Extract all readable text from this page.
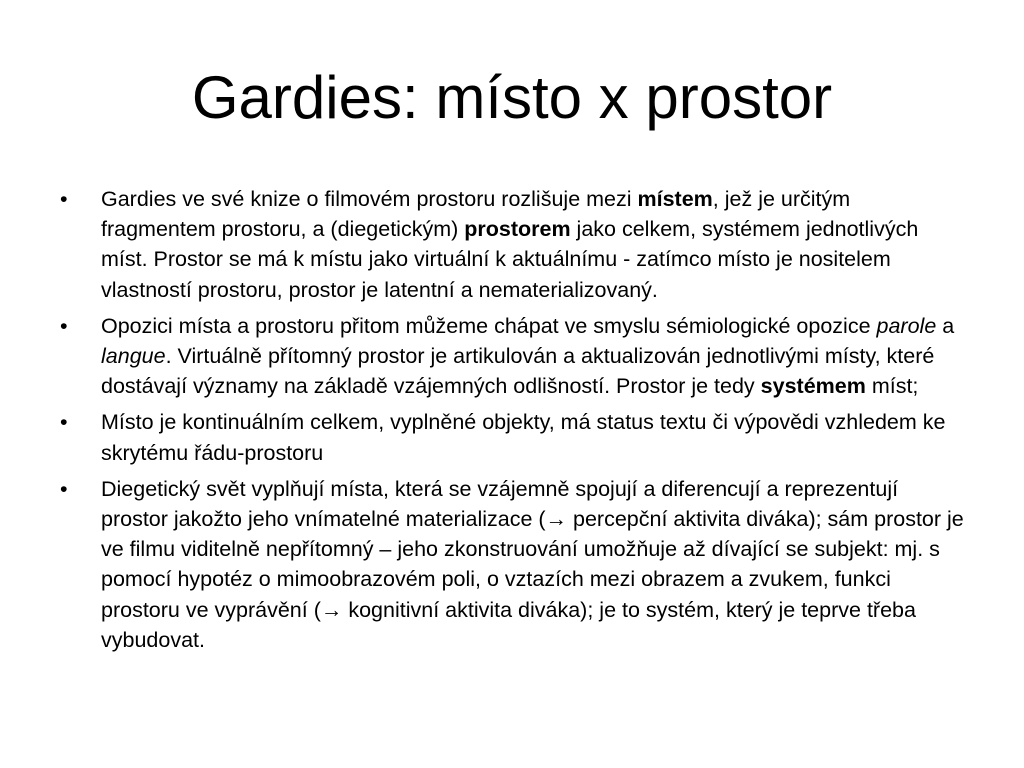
Gardies: místo x prostor
• Gardies ve své knize o filmovém prostoru rozlišuje mezi místem, jež je určitým fragmentem prostoru, a (diegetickým) prostorem jako celkem, systémem jednotlivých míst. Prostor se má k místu jako virtuální k aktuálnímu - zatímco místo je nositelem vlastností prostoru, prostor je latentní a nematerializovaný.
• Opozici místa a prostoru přitom můžeme chápat ve smyslu sémiologické opozice parole a langue. Virtuálně přítomný prostor je artikulován a aktualizován jednotlivými místy, které dostávají významy na základě vzájemných odlišností. Prostor je tedy systémem míst;
• Místo je kontinuálním celkem, vyplněné objekty, má status textu či výpovědi vzhledem ke skrytému řádu-prostoru
• Diegetický svět vyplňují místa, která se vzájemně spojují a diferencují a reprezentují prostor jakožto jeho vnímatelné materializace (→ percepční aktivita diváka); sám prostor je ve filmu viditelně nepřítomný – jeho zkonstruování umožňuje až dívající se subjekt: mj. s pomocí hypotéz o mimoobrazovém poli, o vztazích mezi obrazem a zvukem, funkci prostoru ve vyprávění (→ kognitivní aktivita diváka); je to systém, který je teprve třeba vybudovat.
